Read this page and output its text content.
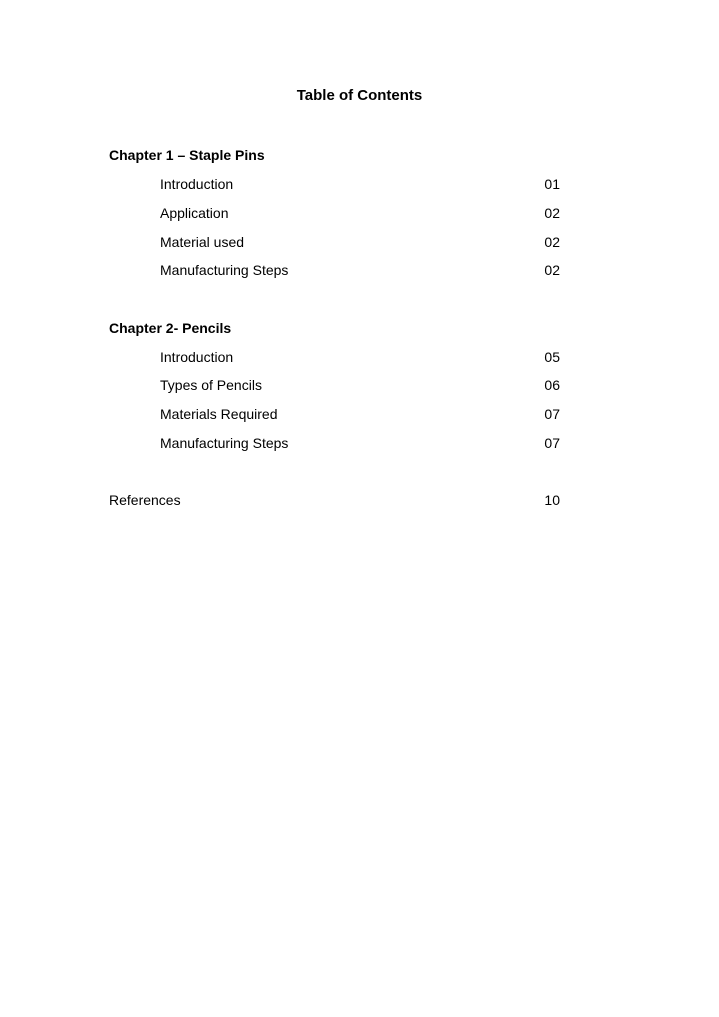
Table of Contents
Chapter 1 – Staple Pins
Introduction	01
Application	02
Material used	02
Manufacturing Steps	02
Chapter 2- Pencils
Introduction	05
Types of Pencils	06
Materials Required	07
Manufacturing Steps	07
References	10
